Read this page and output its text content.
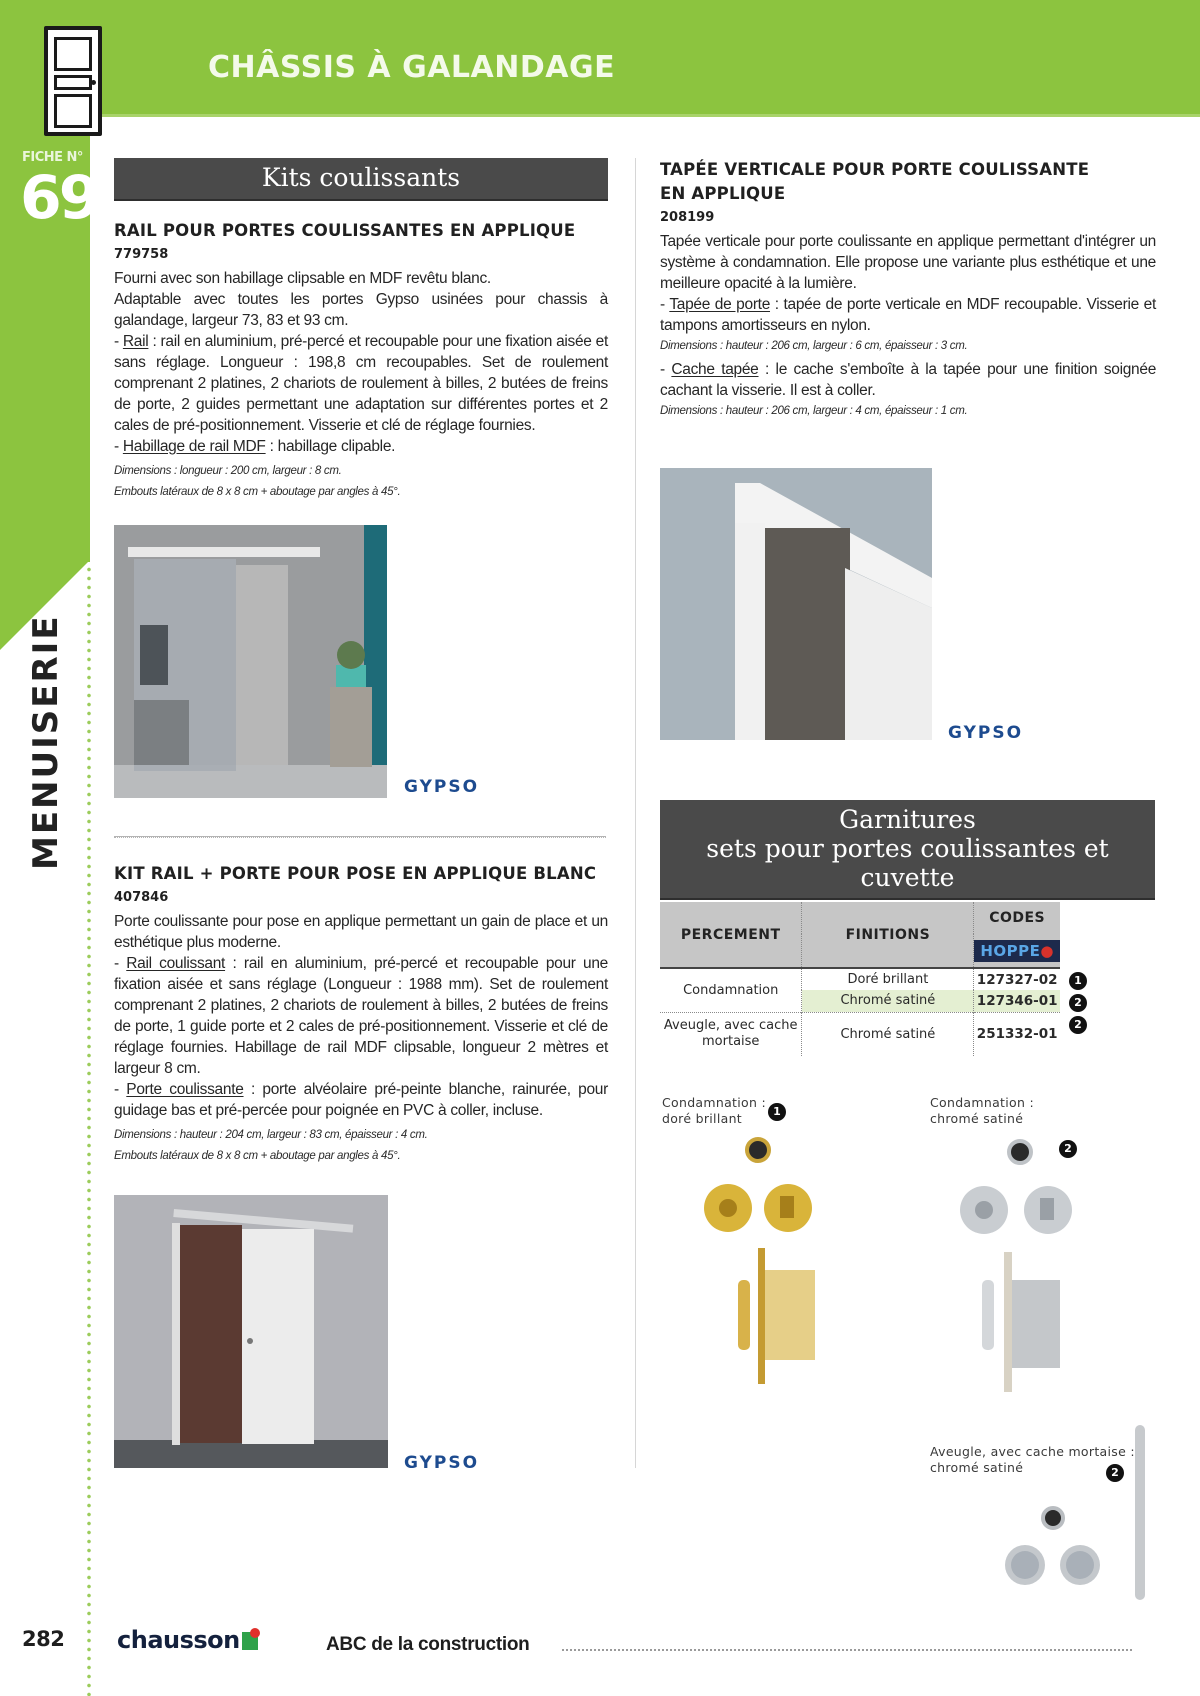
CHÂSSIS À GALANDAGE
FICHE N°
69
MENUISERIE
Kits coulissants
RAIL POUR PORTES COULISSANTES EN APPLIQUE
779758

Fourni avec son habillage clipsable en MDF revêtu blanc.

Adaptable avec toutes les portes Gypso usinées pour chassis à galandage, largeur 73, 83 et 93 cm.

- Rail : rail en aluminium, pré-percé et recoupable pour une fixation aisée et sans réglage. Longueur : 198,8 cm recoupables. Set de roulement comprenant 2 platines, 2 chariots de roulement à billes, 2 butées de freins de porte, 2 guides permettant une adaptation sur différentes portes et 2 cales de pré-positionnement. Visserie et clé de réglage fournies.

- Habillage de rail MDF : habillage clipable.

Dimensions : longueur : 200 cm, largeur : 8 cm.
Embouts latéraux de 8 x 8 cm + aboutage par angles à 45°.
GYPSO
KIT RAIL + PORTE POUR POSE EN APPLIQUE BLANC
407846

Porte coulissante pour pose en applique permettant un gain de place et un esthétique plus moderne.

- Rail coulissant : rail en aluminium, pré-percé et recoupable pour une fixation aisée et sans réglage (Longueur : 1988 mm). Set de roulement comprenant 2 platines, 2 chariots de roulement à billes, 2 butées de freins de porte, 1 guide porte et 2 cales de pré-positionnement. Visserie et clé de réglage fournies. Habillage de rail MDF clipsable, longueur 2 mètres et largeur 8 cm.

- Porte coulissante : porte alvéolaire pré-peinte blanche, rainurée, pour guidage bas et pré-percée pour poignée en PVC à coller, incluse.

Dimensions : hauteur : 204 cm, largeur : 83 cm, épaisseur : 4 cm.
Embouts latéraux de 8 x 8 cm + aboutage par angles à 45°.
GYPSO
TAPÉE VERTICALE POUR PORTE COULISSANTE
EN APPLIQUE
208199

Tapée verticale pour porte coulissante en applique permettant d'intégrer un système à condamnation. Elle propose une variante plus esthétique et une meilleure opacité à la lumière.

- Tapée de porte : tapée de porte verticale en MDF recoupable. Visserie et tampons amortisseurs en nylon.

Dimensions : hauteur : 206 cm, largeur : 6 cm, épaisseur : 3 cm.

- Cache tapée : le cache s'emboîte à la tapée pour une finition soignée cachant la visserie. Il est à coller.

Dimensions : hauteur : 206 cm, largeur : 4 cm, épaisseur : 1 cm.
GYPSO
Garnitures
sets pour portes coulissantes et cuvette
PERCEMENT	FINITIONS	CODES
		HOPPE●
Condamnation	Doré brillant	127327-02
	Chromé satiné	127346-01
Aveugle, avec cache mortaise	Chromé satiné	251332-01
1
2
2
Condamnation :
doré brillant	1
Condamnation :
chromé satiné
2
Aveugle, avec cache mortaise :
chromé satiné	2
282 chausson	ABC de la construction
